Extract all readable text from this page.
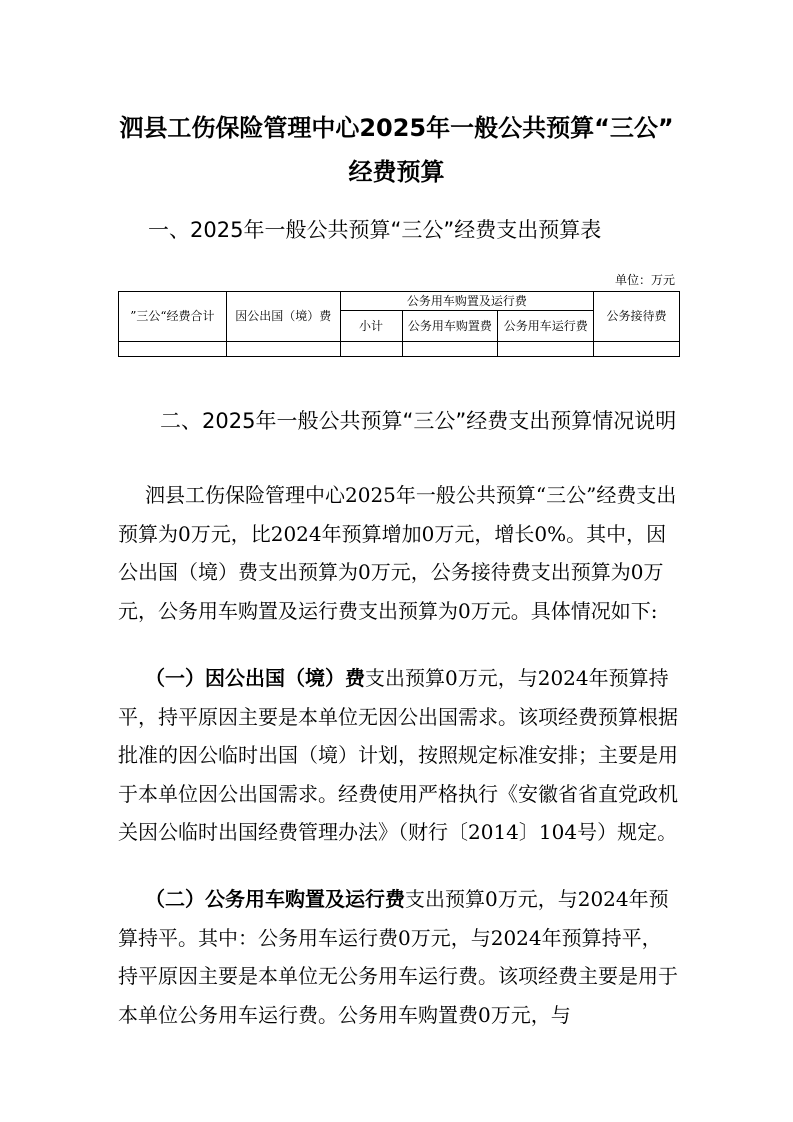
泗县工伤保险管理中心2025年一般公共预算“三公”
经费预算
一、2025年一般公共预算“三公”经费支出预算表
单位：万元
”三公“经费合计	因公出国（境）费	公务用车购置及运行费			公务接待费
		小计	公务用车购置费	公务用车运行费	

二、2025年一般公共预算“三公”经费支出预算情况说明
泗县工伤保险管理中心2025年一般公共预算“三公”经费支出预算为0万元，比2024年预算增加0万元，增长0%。其中，因公出国（境）费支出预算为0万元，公务接待费支出预算为0万元，公务用车购置及运行费支出预算为0万元。具体情况如下:
（一）因公出国（境）费支出预算0万元，与2024年预算持平，持平原因主要是本单位无因公出国需求。该项经费预算根据批准的因公临时出国（境）计划，按照规定标准安排；主要是用于本单位因公出国需求。经费使用严格执行《安徽省省直党政机关因公临时出国经费管理办法》（财行〔2014〕104号）规定。
（二）公务用车购置及运行费支出预算0万元，与2024年预算持平。其中：公务用车运行费0万元，与2024年预算持平，持平原因主要是本单位无公务用车运行费。该项经费主要是用于本单位公务用车运行费。公务用车购置费0万元，与
